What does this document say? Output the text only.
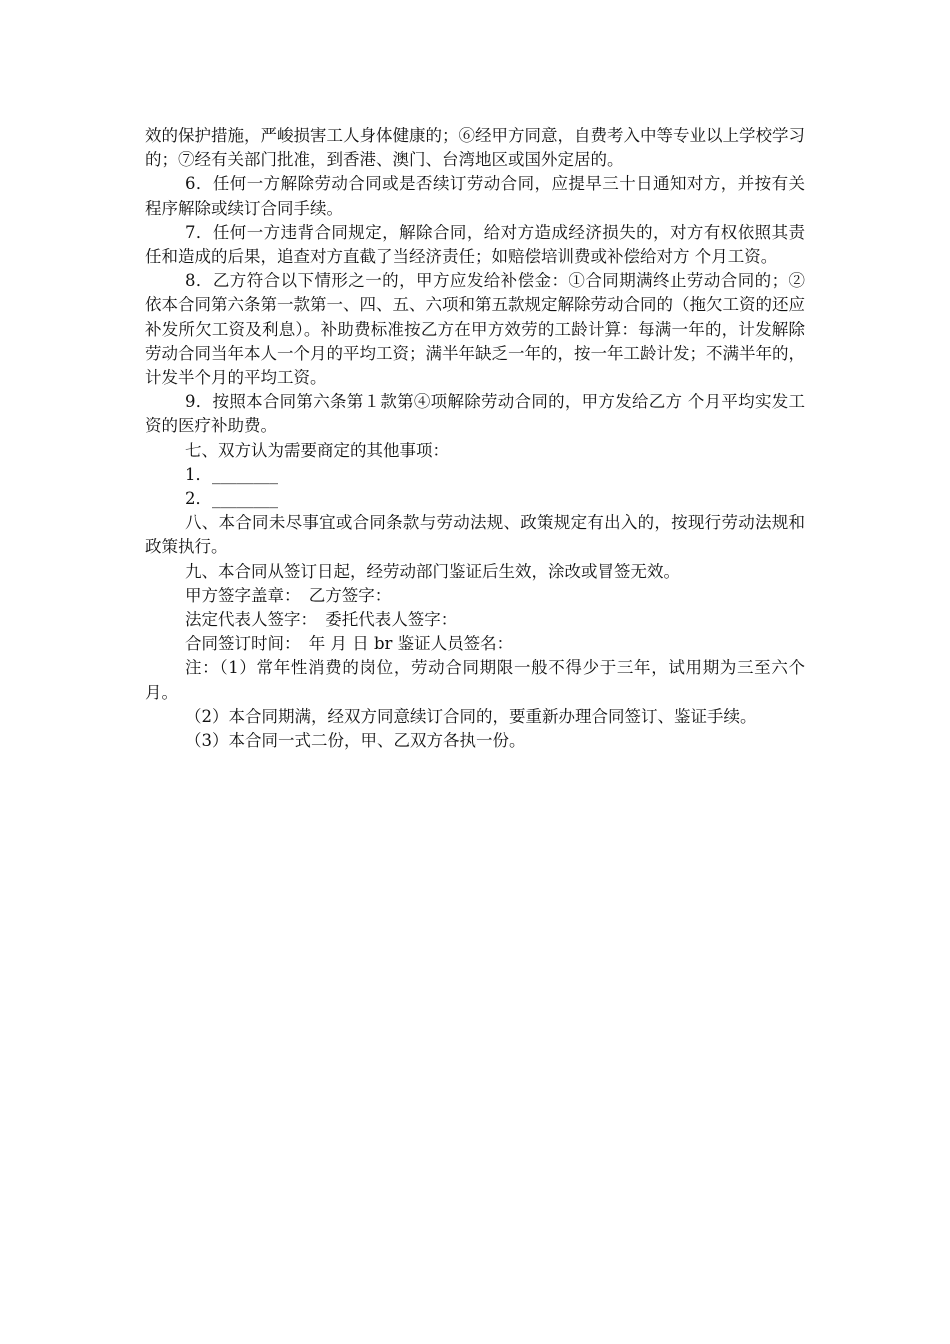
效的保护措施，严峻损害工人身体健康的；⑥经甲方同意，自费考入中等专业以上学校学习的；⑦经有关部门批准，到香港、澳门、台湾地区或国外定居的。

6．任何一方解除劳动合同或是否续订劳动合同，应提早三十日通知对方，并按有关程序解除或续订合同手续。

7．任何一方违背合同规定，解除合同，给对方造成经济损失的，对方有权依照其责任和造成的后果，追查对方直截了当经济责任；如赔偿培训费或补偿给对方 个月工资。

8．乙方符合以下情形之一的，甲方应发给补偿金：①合同期满终止劳动合同的；②依本合同第六条第一款第一、四、五、六项和第五款规定解除劳动合同的（拖欠工资的还应补发所欠工资及利息）。补助费标准按乙方在甲方效劳的工龄计算：每满一年的，计发解除劳动合同当年本人一个月的平均工资；满半年缺乏一年的，按一年工龄计发；不满半年的，计发半个月的平均工资。

9．按照本合同第六条第１款第④项解除劳动合同的，甲方发给乙方 个月平均实发工资的医疗补助费。

七、双方认为需要商定的其他事项：

1．________

2．________

八、本合同未尽事宜或合同条款与劳动法规、政策规定有出入的，按现行劳动法规和政策执行。

九、本合同从签订日起，经劳动部门鉴证后生效，涂改或冒签无效。

甲方签字盖章：　乙方签字：

法定代表人签字：　委托代表人签字：

合同签订时间：　年 月 日 br 鉴证人员签名：

注：（1）常年性消费的岗位，劳动合同期限一般不得少于三年，试用期为三至六个月。

（2）本合同期满，经双方同意续订合同的，要重新办理合同签订、鉴证手续。

（3）本合同一式二份，甲、乙双方各执一份。
